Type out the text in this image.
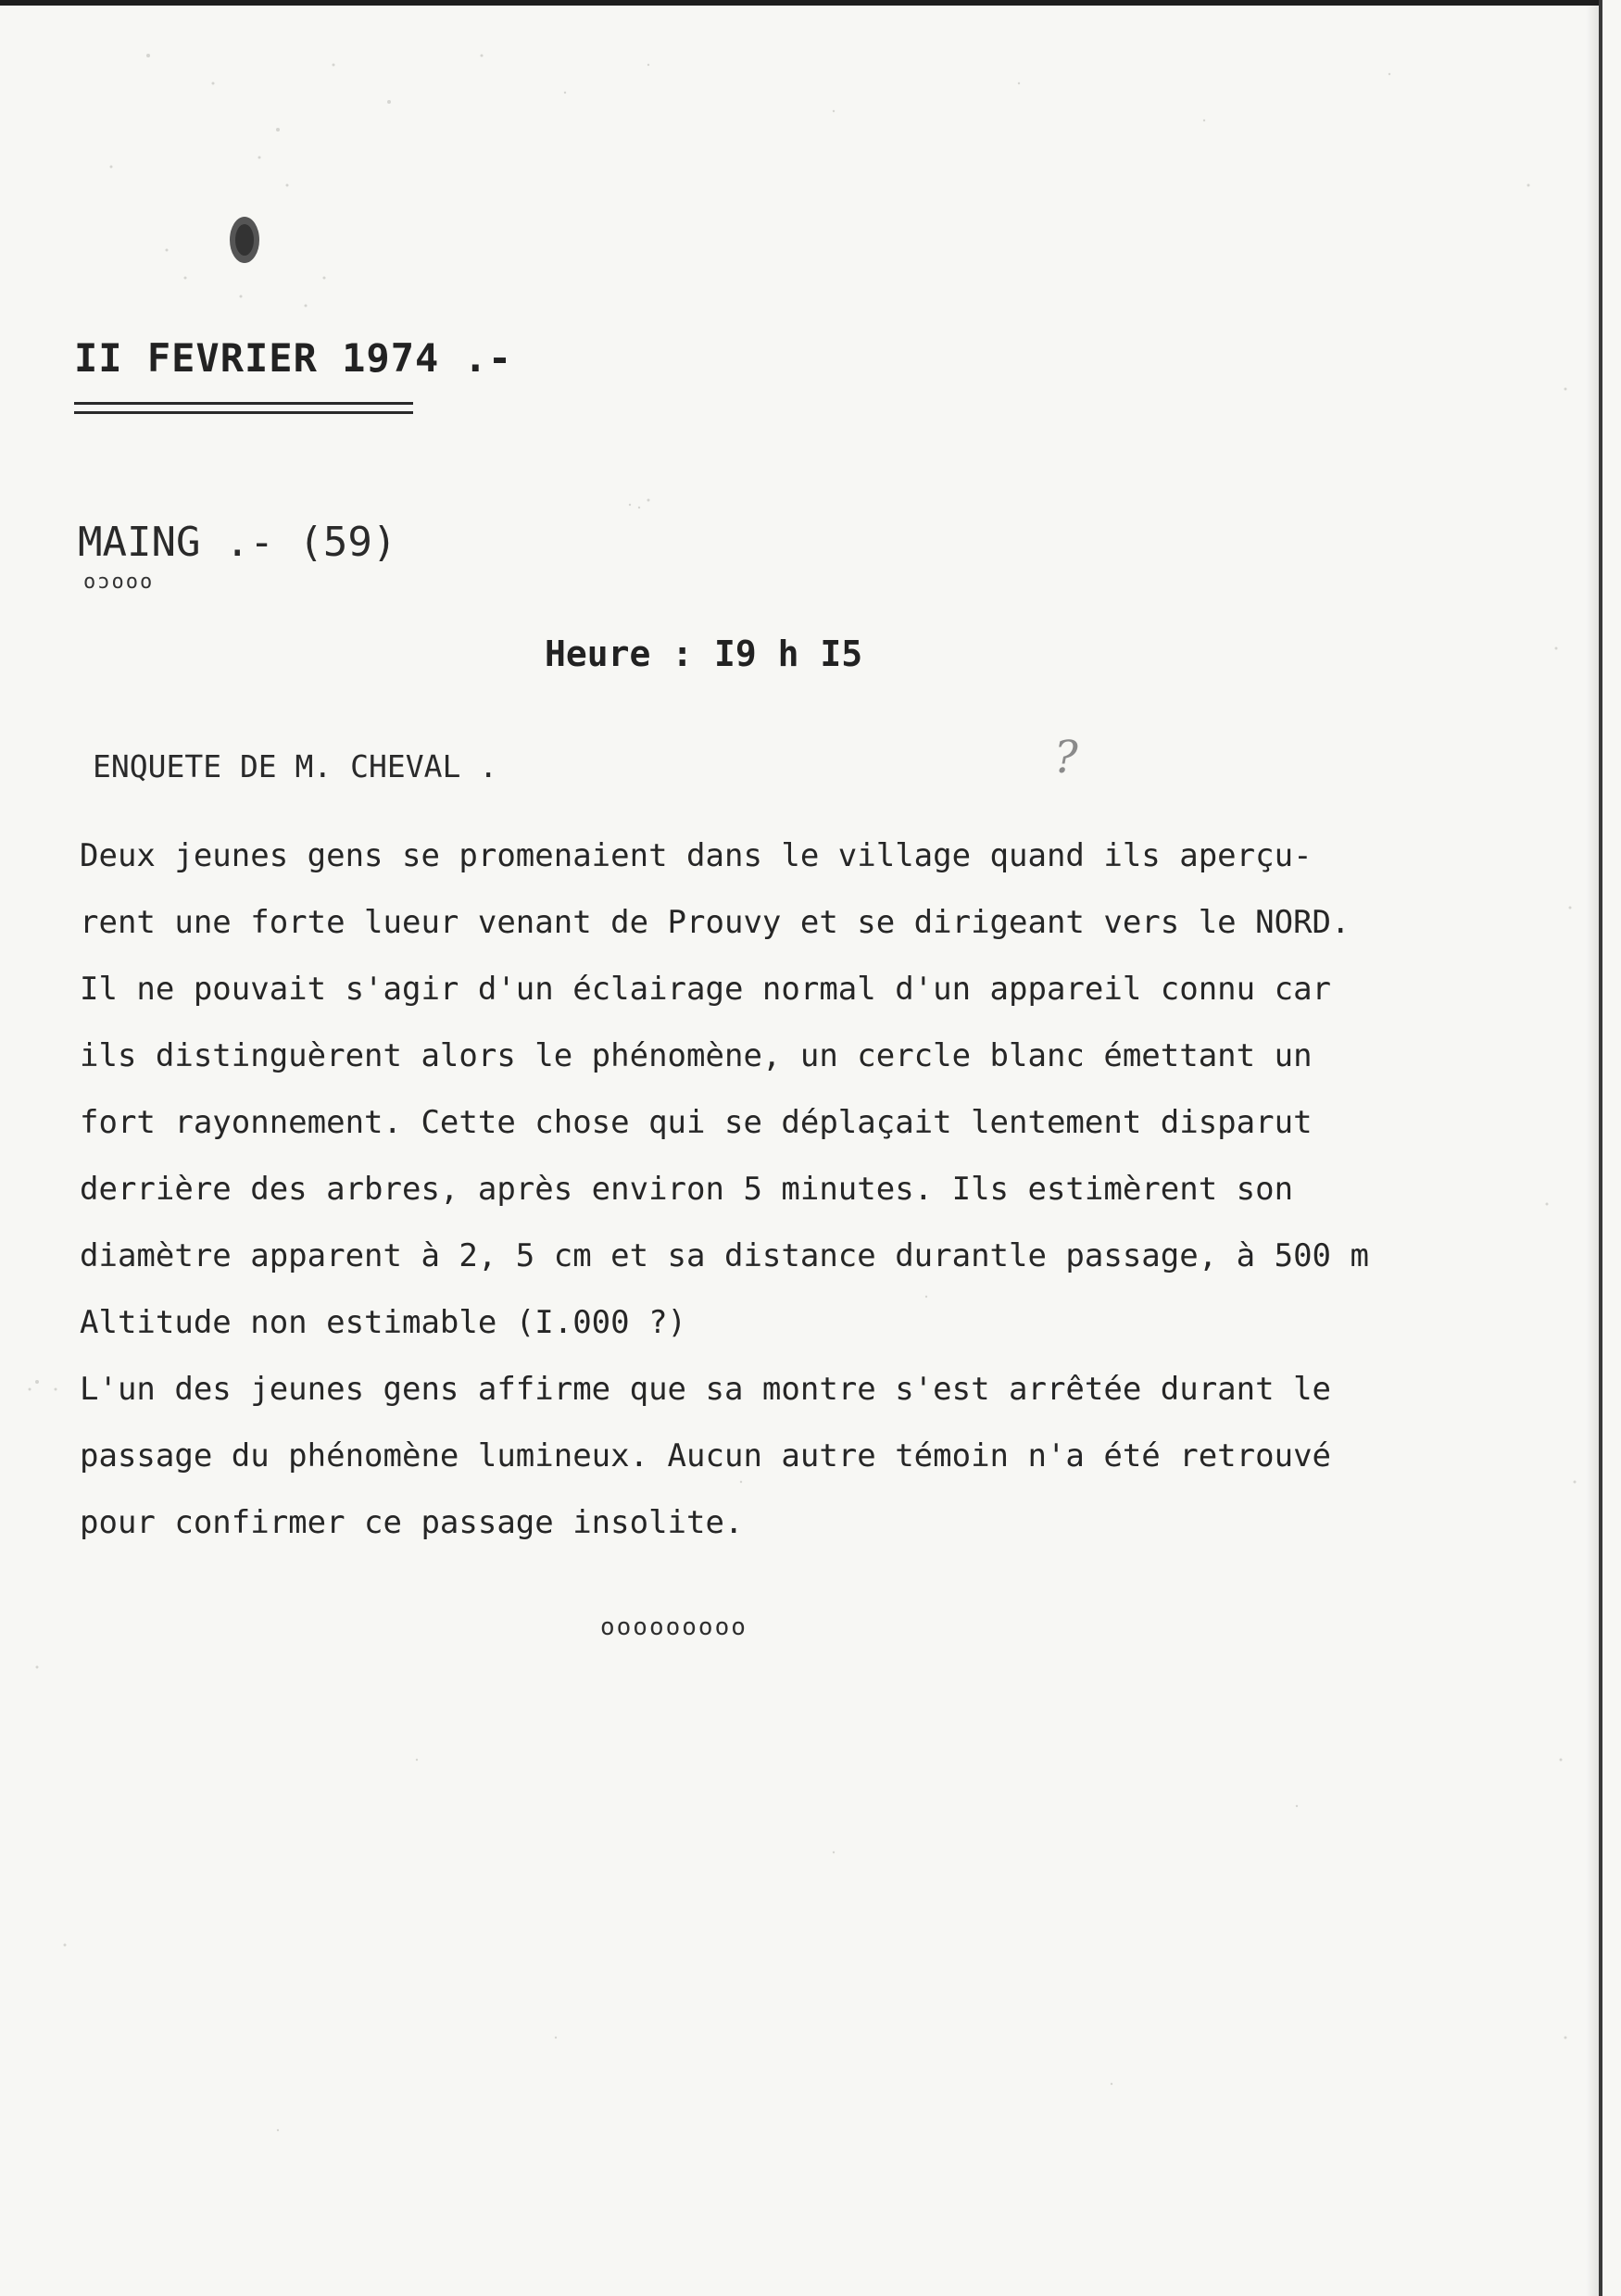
II FEVRIER 1974 .-
MAING .- (59)
oɔooo
Heure : I9 h I5
ENQUETE DE M. CHEVAL .	?
Deux jeunes gens se promenaient dans le village quand ils aperçu-
rent une forte lueur venant de Prouvy et se dirigeant vers le NORD.
Il ne pouvait s'agir d'un éclairage normal d'un appareil connu car
ils distinguèrent alors le phénomène, un cercle blanc émettant un
fort rayonnement. Cette chose qui se déplaçait lentement disparut
derrière des arbres, après environ 5 minutes. Ils estimèrent son
diamètre apparent à 2, 5 cm et sa distance durantle passage, à 500 m
Altitude non estimable (I.000 ?)
L'un des jeunes gens affirme que sa montre s'est arrêtée durant le
passage du phénomène lumineux. Aucun autre témoin n'a été retrouvé
pour confirmer ce passage insolite.
ooooooooo
